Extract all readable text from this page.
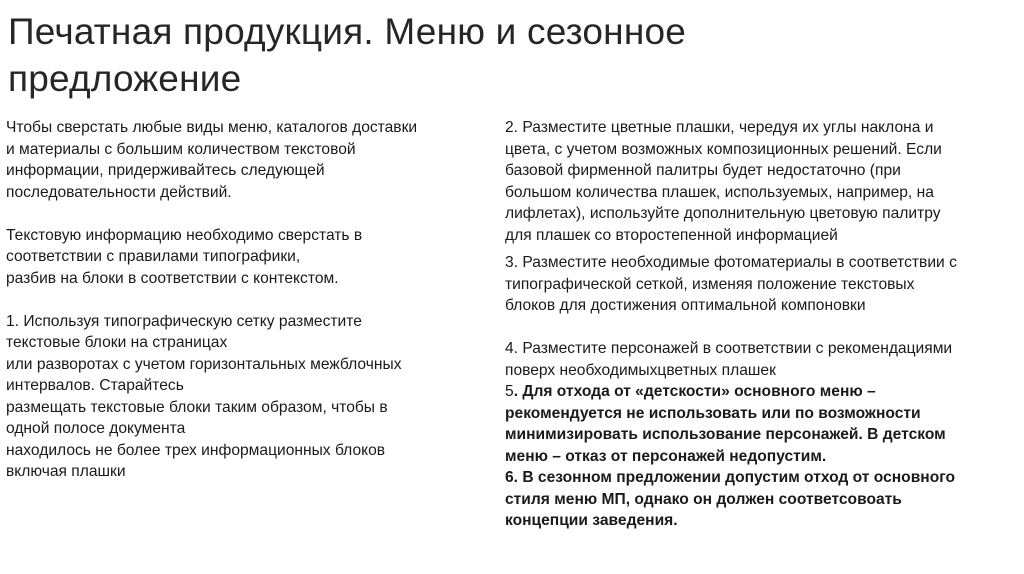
Печатная продукция. Меню и сезонное
предложение
Чтобы сверстать любые виды меню, каталогов доставки
и материалы с большим количеством текстовой
информации, придерживайтесь следующей
последовательности действий.
Текстовую информацию необходимо сверстать в
соответствии с правилами типографики,
разбив на блоки в соответствии с контекстом.
1. Используя типографическую сетку разместите
текстовые блоки на страницах
или разворотах с учетом горизонтальных межблочных
интервалов. Старайтесь
размещать текстовые блоки таким образом, чтобы в
одной полосе документа
находилось не более трех информационных блоков
включая плашки
2. Разместите цветные плашки, чередуя их углы наклона и
цвета, с учетом возможных композиционных решений. Если
базовой фирменной палитры будет недостаточно (при
большом количества плашек, используемых, например, на
лифлетах), используйте дополнительную цветовую палитру
для плашек со второстепенной информацией
3. Разместите необходимые фотоматериалы в соответствии с
типографической сеткой, изменяя положение текстовых
блоков для достижения оптимальной компоновки
4. Разместите персонажей в соответствии с рекомендациями
поверх необходимыхцветных плашек
5. Для отхода от «детскости» основного меню –
рекомендуется не использовать или по возможности
минимизировать использование персонажей. В детском
меню – отказ от персонажей недопустим.
6. В сезонном предложении допустим отход от основного
стиля меню МП, однако он должен соответсовоать
концепции заведения.
